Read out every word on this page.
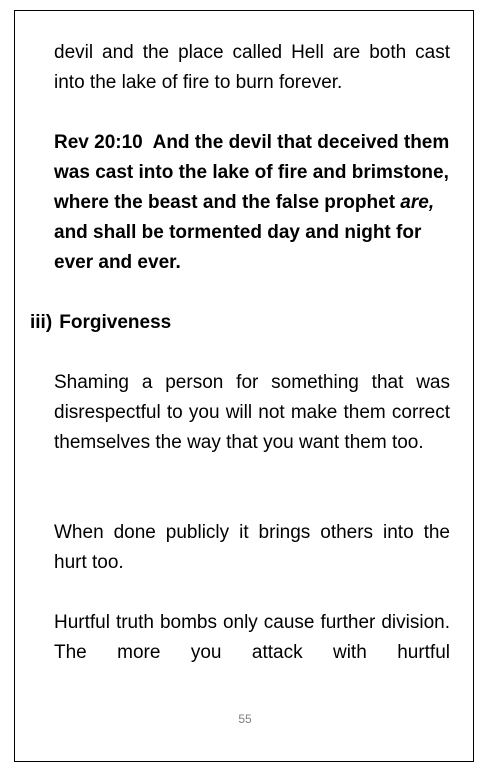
devil and the place called Hell are both cast into the lake of fire to burn forever.

Rev 20:10 And the devil that deceived them was cast into the lake of fire and brimstone, where the beast and the false prophet are, and shall be tormented day and night for ever and ever.

iii) Forgiveness

Shaming a person for something that was disrespectful to you will not make them correct themselves the way that you want them too.

When done publicly it brings others into the hurt too.

Hurtful truth bombs only cause further division. The more you attack with hurtful

55
